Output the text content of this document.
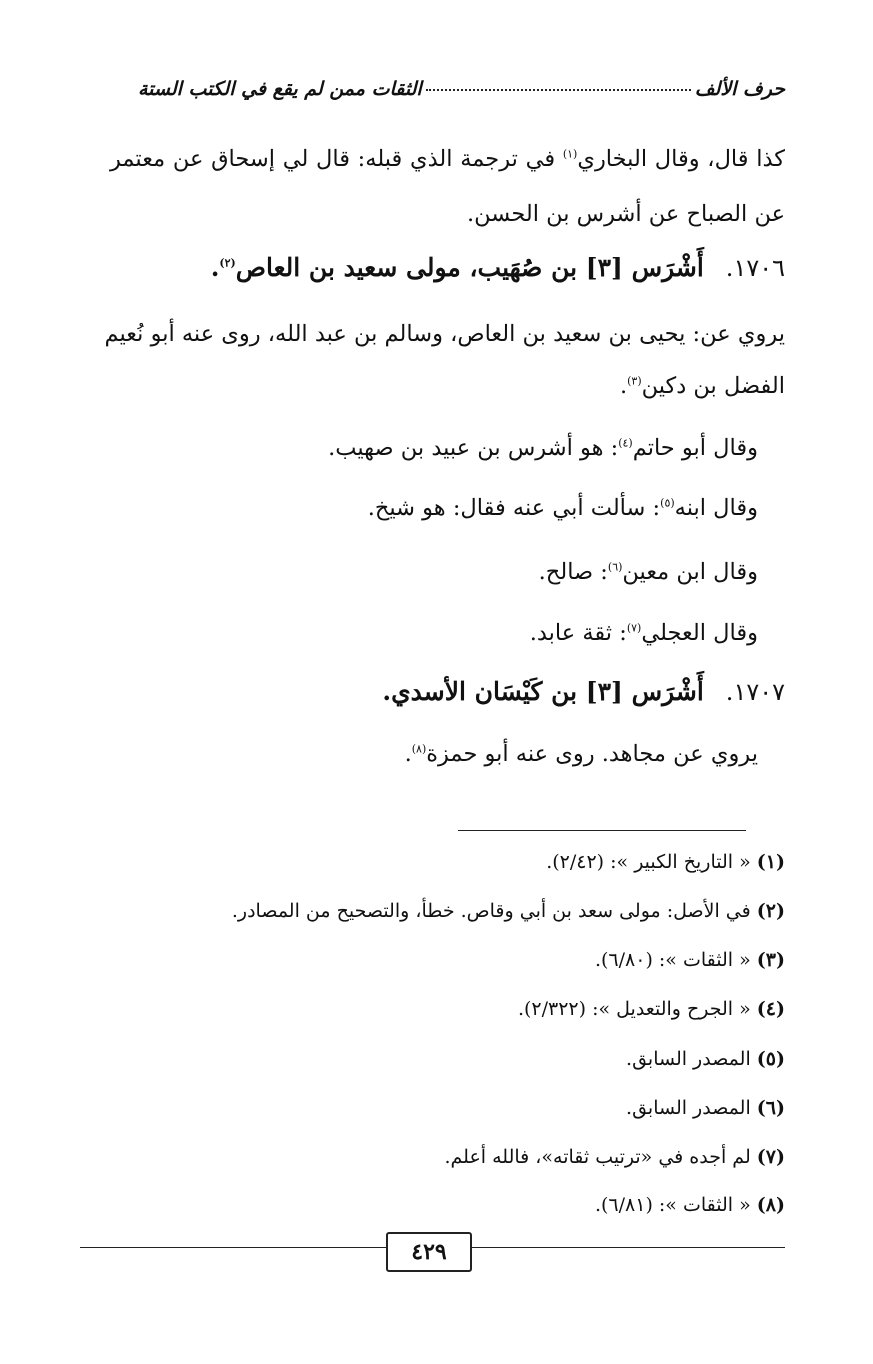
حرف الألف
الثقات ممن لم يقع في الكتب الستة
كذا قال، وقال البخاري$^{(١)}$ في ترجمة الذي قبله: قال لي إسحاق عن معتمر
عن الصباح عن أشرس بن الحسن.
١٧٠٦.أَشْرَس [٣] بن صُهَيب، مولى سعيد بن العاص$^{(٢)}$.
يروي عن: يحيى بن سعيد بن العاص، وسالم بن عبد الله، روى عنه أبو نُعيم
الفضل بن دكين$^{(٣)}$.
وقال أبو حاتم$^{(٤)}$: هو أشرس بن عبيد بن صهيب.
وقال ابنه$^{(٥)}$: سألت أبي عنه فقال: هو شيخ.
وقال ابن معين$^{(٦)}$: صالح.
وقال العجلي$^{(٧)}$: ثقة عابد.
١٧٠٧.أَشْرَس [٣] بن كَيْسَان الأسدي.
يروي عن مجاهد. روى عنه أبو حمزة$^{(٨)}$.
(١) « التاريخ الكبير »: (٢/٤٢).
(٢) في الأصل: مولى سعد بن أبي وقاص. خطأ، والتصحيح من المصادر.
(٣) « الثقات »: (٦/٨٠).
(٤) « الجرح والتعديل »: (٢/٣٢٢).
(٥) المصدر السابق.
(٦) المصدر السابق.
(٧) لم أجده في «ترتيب ثقاته»، فالله أعلم.
(٨) « الثقات »: (٦/٨١).
٤٢٩
